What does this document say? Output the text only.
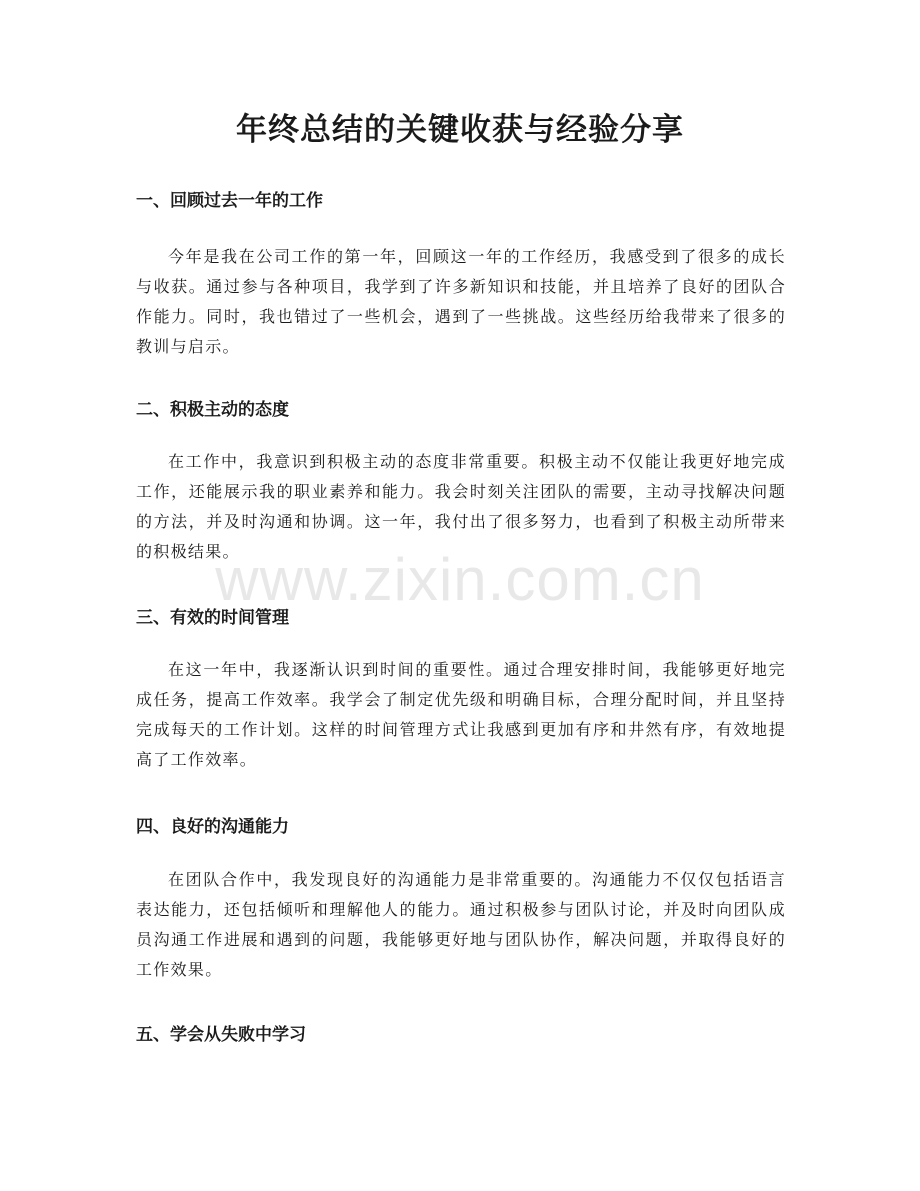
年终总结的关键收获与经验分享
一、回顾过去一年的工作

今年是我在公司工作的第一年，回顾这一年的工作经历，我感受到了很多的成长与收获。通过参与各种项目，我学到了许多新知识和技能，并且培养了良好的团队合作能力。同时，我也错过了一些机会，遇到了一些挑战。这些经历给我带来了很多的教训与启示。

二、积极主动的态度

在工作中，我意识到积极主动的态度非常重要。积极主动不仅能让我更好地完成工作，还能展示我的职业素养和能力。我会时刻关注团队的需要，主动寻找解决问题的方法，并及时沟通和协调。这一年，我付出了很多努力，也看到了积极主动所带来的积极结果。

三、有效的时间管理

在这一年中，我逐渐认识到时间的重要性。通过合理安排时间，我能够更好地完成任务，提高工作效率。我学会了制定优先级和明确目标，合理分配时间，并且坚持完成每天的工作计划。这样的时间管理方式让我感到更加有序和井然有序，有效地提高了工作效率。

四、良好的沟通能力

在团队合作中，我发现良好的沟通能力是非常重要的。沟通能力不仅仅包括语言表达能力，还包括倾听和理解他人的能力。通过积极参与团队讨论，并及时向团队成员沟通工作进展和遇到的问题，我能够更好地与团队协作，解决问题，并取得良好的工作效果。

五、学会从失败中学习
www.zixin.com.cn
